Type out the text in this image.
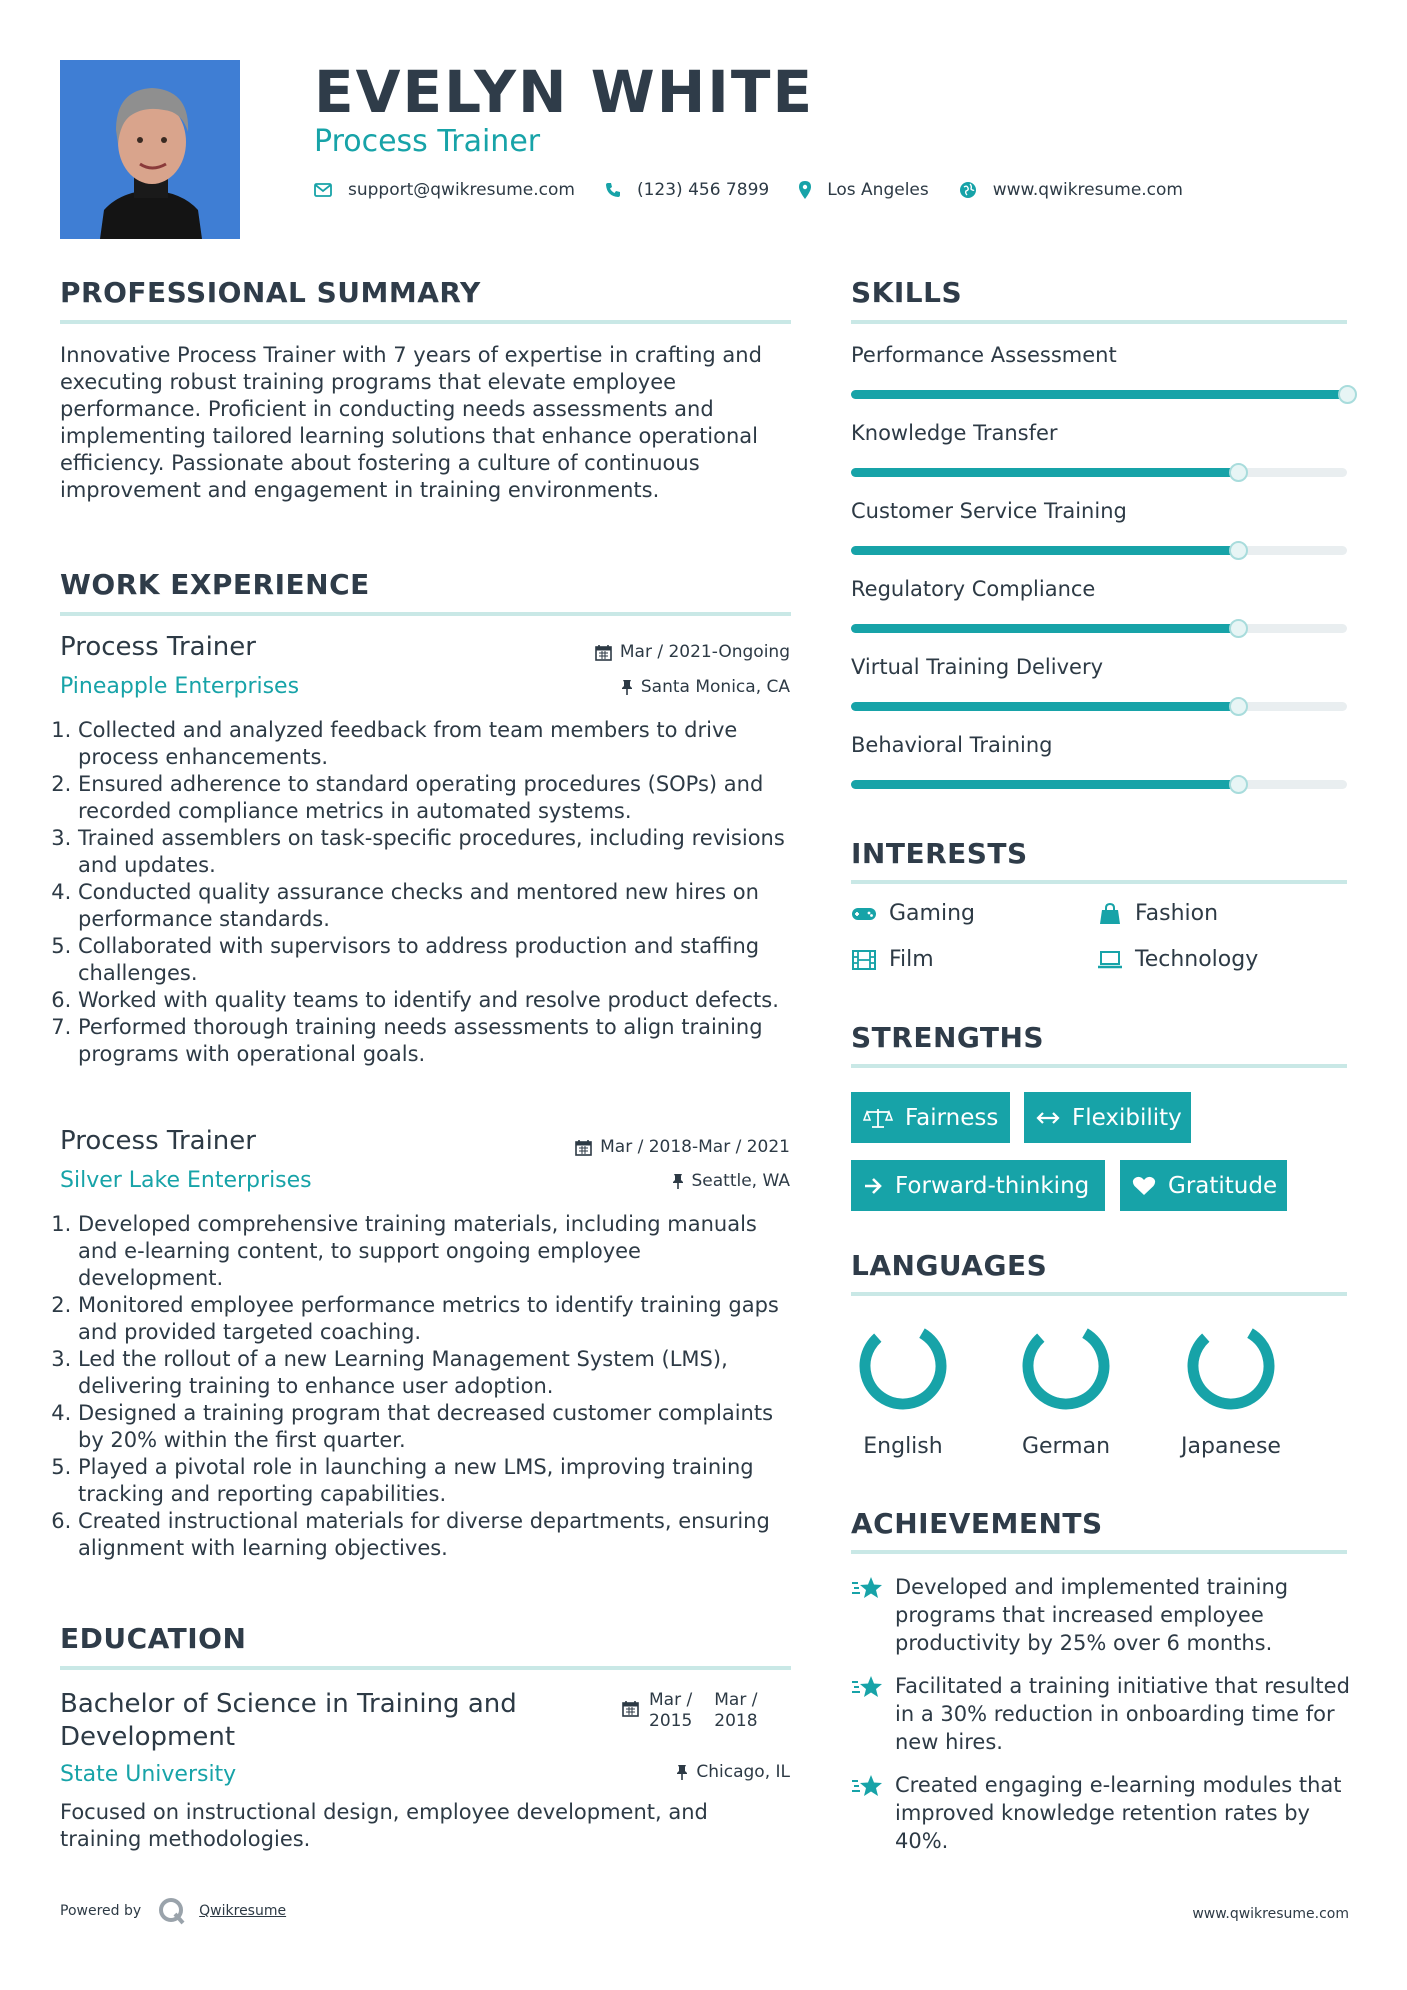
EVELYN WHITE
Process Trainer
support@qwikresume.com	(123) 456 7899	Los Angeles	www.qwikresume.com
PROFESSIONAL SUMMARY
Innovative Process Trainer with 7 years of expertise in crafting and executing robust training programs that elevate employee performance. Proficient in conducting needs assessments and implementing tailored learning solutions that enhance operational efficiency. Passionate about fostering a culture of continuous improvement and engagement in training environments.
WORK EXPERIENCE
Process Trainer	Mar / 2021-Ongoing
Pineapple Enterprises	Santa Monica, CA
1. Collected and analyzed feedback from team members to drive process enhancements.
2. Ensured adherence to standard operating procedures (SOPs) and recorded compliance metrics in automated systems.
3. Trained assemblers on task-specific procedures, including revisions and updates.
4. Conducted quality assurance checks and mentored new hires on performance standards.
5. Collaborated with supervisors to address production and staffing challenges.
6. Worked with quality teams to identify and resolve product defects.
7. Performed thorough training needs assessments to align training programs with operational goals.
Process Trainer	Mar / 2018-Mar / 2021
Silver Lake Enterprises	Seattle, WA
1. Developed comprehensive training materials, including manuals and e-learning content, to support ongoing employee development.
2. Monitored employee performance metrics to identify training gaps and provided targeted coaching.
3. Led the rollout of a new Learning Management System (LMS), delivering training to enhance user adoption.
4. Designed a training program that decreased customer complaints by 20% within the first quarter.
5. Played a pivotal role in launching a new LMS, improving training tracking and reporting capabilities.
6. Created instructional materials for diverse departments, ensuring alignment with learning objectives.
EDUCATION
Bachelor of Science in Training and
Development
Mar /
2015
Mar /
2018
State University	Chicago, IL
Focused on instructional design, employee development, and training methodologies.
SKILLS
Performance Assessment
Knowledge Transfer
Customer Service Training
Regulatory Compliance
Virtual Training Delivery
Behavioral Training
INTERESTS
Gaming	Fashion
Film	Technology
STRENGTHS
Fairness	Flexibility
Forward-thinking	Gratitude
LANGUAGES
English	German	Japanese
ACHIEVEMENTS
Developed and implemented training programs that increased employee productivity by 25% over 6 months.
Facilitated a training initiative that resulted in a 30% reduction in onboarding time for new hires.
Created engaging e-learning modules that improved knowledge retention rates by 40%.
Powered by	Qwikresume	www.qwikresume.com
